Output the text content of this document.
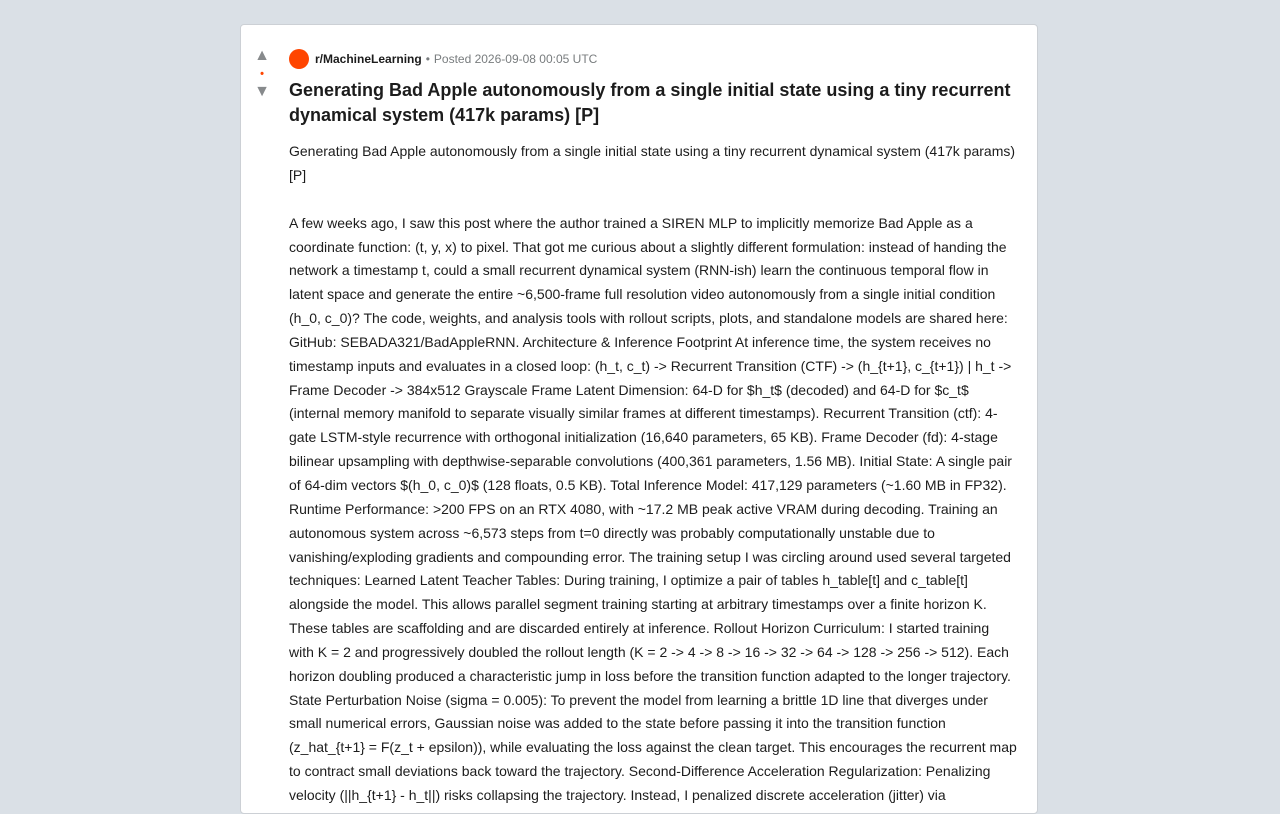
▲
•
▼
r/MachineLearning • Posted 2026-09-08 00:05 UTC
Generating Bad Apple autonomously from a single initial state using a tiny recurrent dynamical system (417k params) [P]

Generating Bad Apple autonomously from a single initial state using a tiny recurrent dynamical system (417k params) [P]

A few weeks ago, I saw this post where the author trained a SIREN MLP to implicitly memorize Bad Apple as a coordinate function: (t, y, x) to pixel. That got me curious about a slightly different formulation: instead of handing the network a timestamp t, could a small recurrent dynamical system (RNN-ish) learn the continuous temporal flow in latent space and generate the entire ~6,500-frame full resolution video autonomously from a single initial condition (h_0, c_0)? The code, weights, and analysis tools with rollout scripts, plots, and standalone models are shared here: GitHub: SEBADA321/BadAppleRNN. Architecture & Inference Footprint At inference time, the system receives no timestamp inputs and evaluates in a closed loop: (h_t, c_t) -> Recurrent Transition (CTF) -> (h_{t+1}, c_{t+1}) | h_t -> Frame Decoder -> 384x512 Grayscale Frame Latent Dimension: 64-D for $h_t$ (decoded) and 64-D for $c_t$ (internal memory manifold to separate visually similar frames at different timestamps). Recurrent Transition (ctf): 4-gate LSTM-style recurrence with orthogonal initialization (16,640 parameters, 65 KB). Frame Decoder (fd): 4-stage bilinear upsampling with depthwise-separable convolutions (400,361 parameters, 1.56 MB). Initial State: A single pair of 64-dim vectors $(h_0, c_0)$ (128 floats, 0.5 KB). Total Inference Model: 417,129 parameters (~1.60 MB in FP32). Runtime Performance: >200 FPS on an RTX 4080, with ~17.2 MB peak active VRAM during decoding. Training an autonomous system across ~6,573 steps from t=0 directly was probably computationally unstable due to vanishing/exploding gradients and compounding error. The training setup I was circling around used several targeted techniques: Learned Latent Teacher Tables: During training, I optimize a pair of tables h_table[t] and c_table[t] alongside the model. This allows parallel segment training starting at arbitrary timestamps over a finite horizon K. These tables are scaffolding and are discarded entirely at inference. Rollout Horizon Curriculum: I started training with K = 2 and progressively doubled the rollout length (K = 2 -> 4 -> 8 -> 16 -> 32 -> 64 -> 128 -> 256 -> 512). Each horizon doubling produced a characteristic jump in loss before the transition function adapted to the longer trajectory. State Perturbation Noise (sigma = 0.005): To prevent the model from learning a brittle 1D line that diverges under small numerical errors, Gaussian noise was added to the state before passing it into the transition function (z_hat_{t+1} = F(z_t + epsilon)), while evaluating the loss against the clean target. This encourages the recurrent map to contract small deviations back toward the trajectory. Second-Difference Acceleration Regularization: Penalizing velocity (||h_{t+1} - h_t||) risks collapsing the trajectory. Instead, I penalized discrete acceleration (jitter) via
